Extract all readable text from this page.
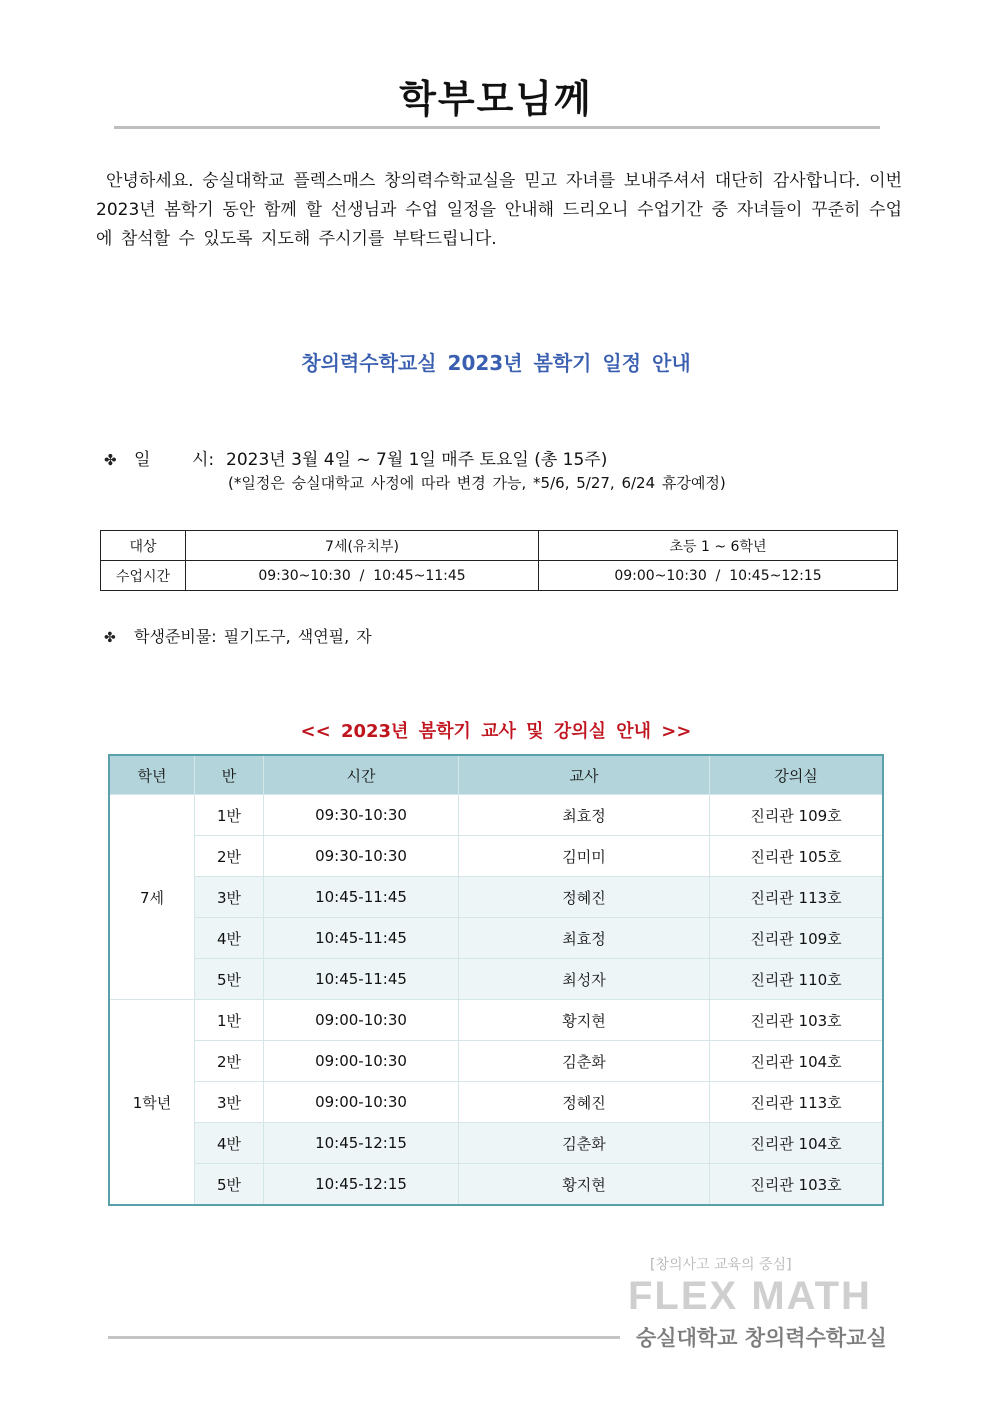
학부모님께

안녕하세요. 숭실대학교 플렉스매스 창의력수학교실을 믿고 자녀를 보내주셔서 대단히 감사합니다. 이번 2023년 봄학기 동안 함께 할 선생님과 수업 일정을 안내해 드리오니 수업기간 중 자녀들이 꾸준히 수업에 참석할 수 있도록 지도해 주시기를 부탁드립니다.

창의력수학교실 2023년 봄학기 일정 안내
✤	일 시: 2023년 3월 4일 ~ 7월 1일 매주 토요일 (총 15주)
(*일정은 숭실대학교 사정에 따라 변경 가능, *5/6, 5/27, 6/24 휴강예정)
대상	7세(유치부)	초등 1 ~ 6학년
수업시간	09:30~10:30  /  10:45~11:45	09:00~10:30  /  10:45~12:15
✤ 학생준비물: 필기도구, 색연필, 자
<< 2023년 봄학기 교사 및 강의실 안내 >>
학년	반	시간	교사	강의실
7세	1반	09:30-10:30	최효정	진리관 109호
	2반	09:30-10:30	김미미	진리관 105호
	3반	10:45-11:45	정혜진	진리관 113호
	4반	10:45-11:45	최효정	진리관 109호
	5반	10:45-11:45	최성자	진리관 110호
1학년	1반	09:00-10:30	황지현	진리관 103호
	2반	09:00-10:30	김춘화	진리관 104호
	3반	09:00-10:30	정혜진	진리관 113호
	4반	10:45-12:15	김춘화	진리관 104호
	5반	10:45-12:15	황지현	진리관 103호
[창의사고 교육의 중심]
FLEX MATH
숭실대학교 창의력수학교실
